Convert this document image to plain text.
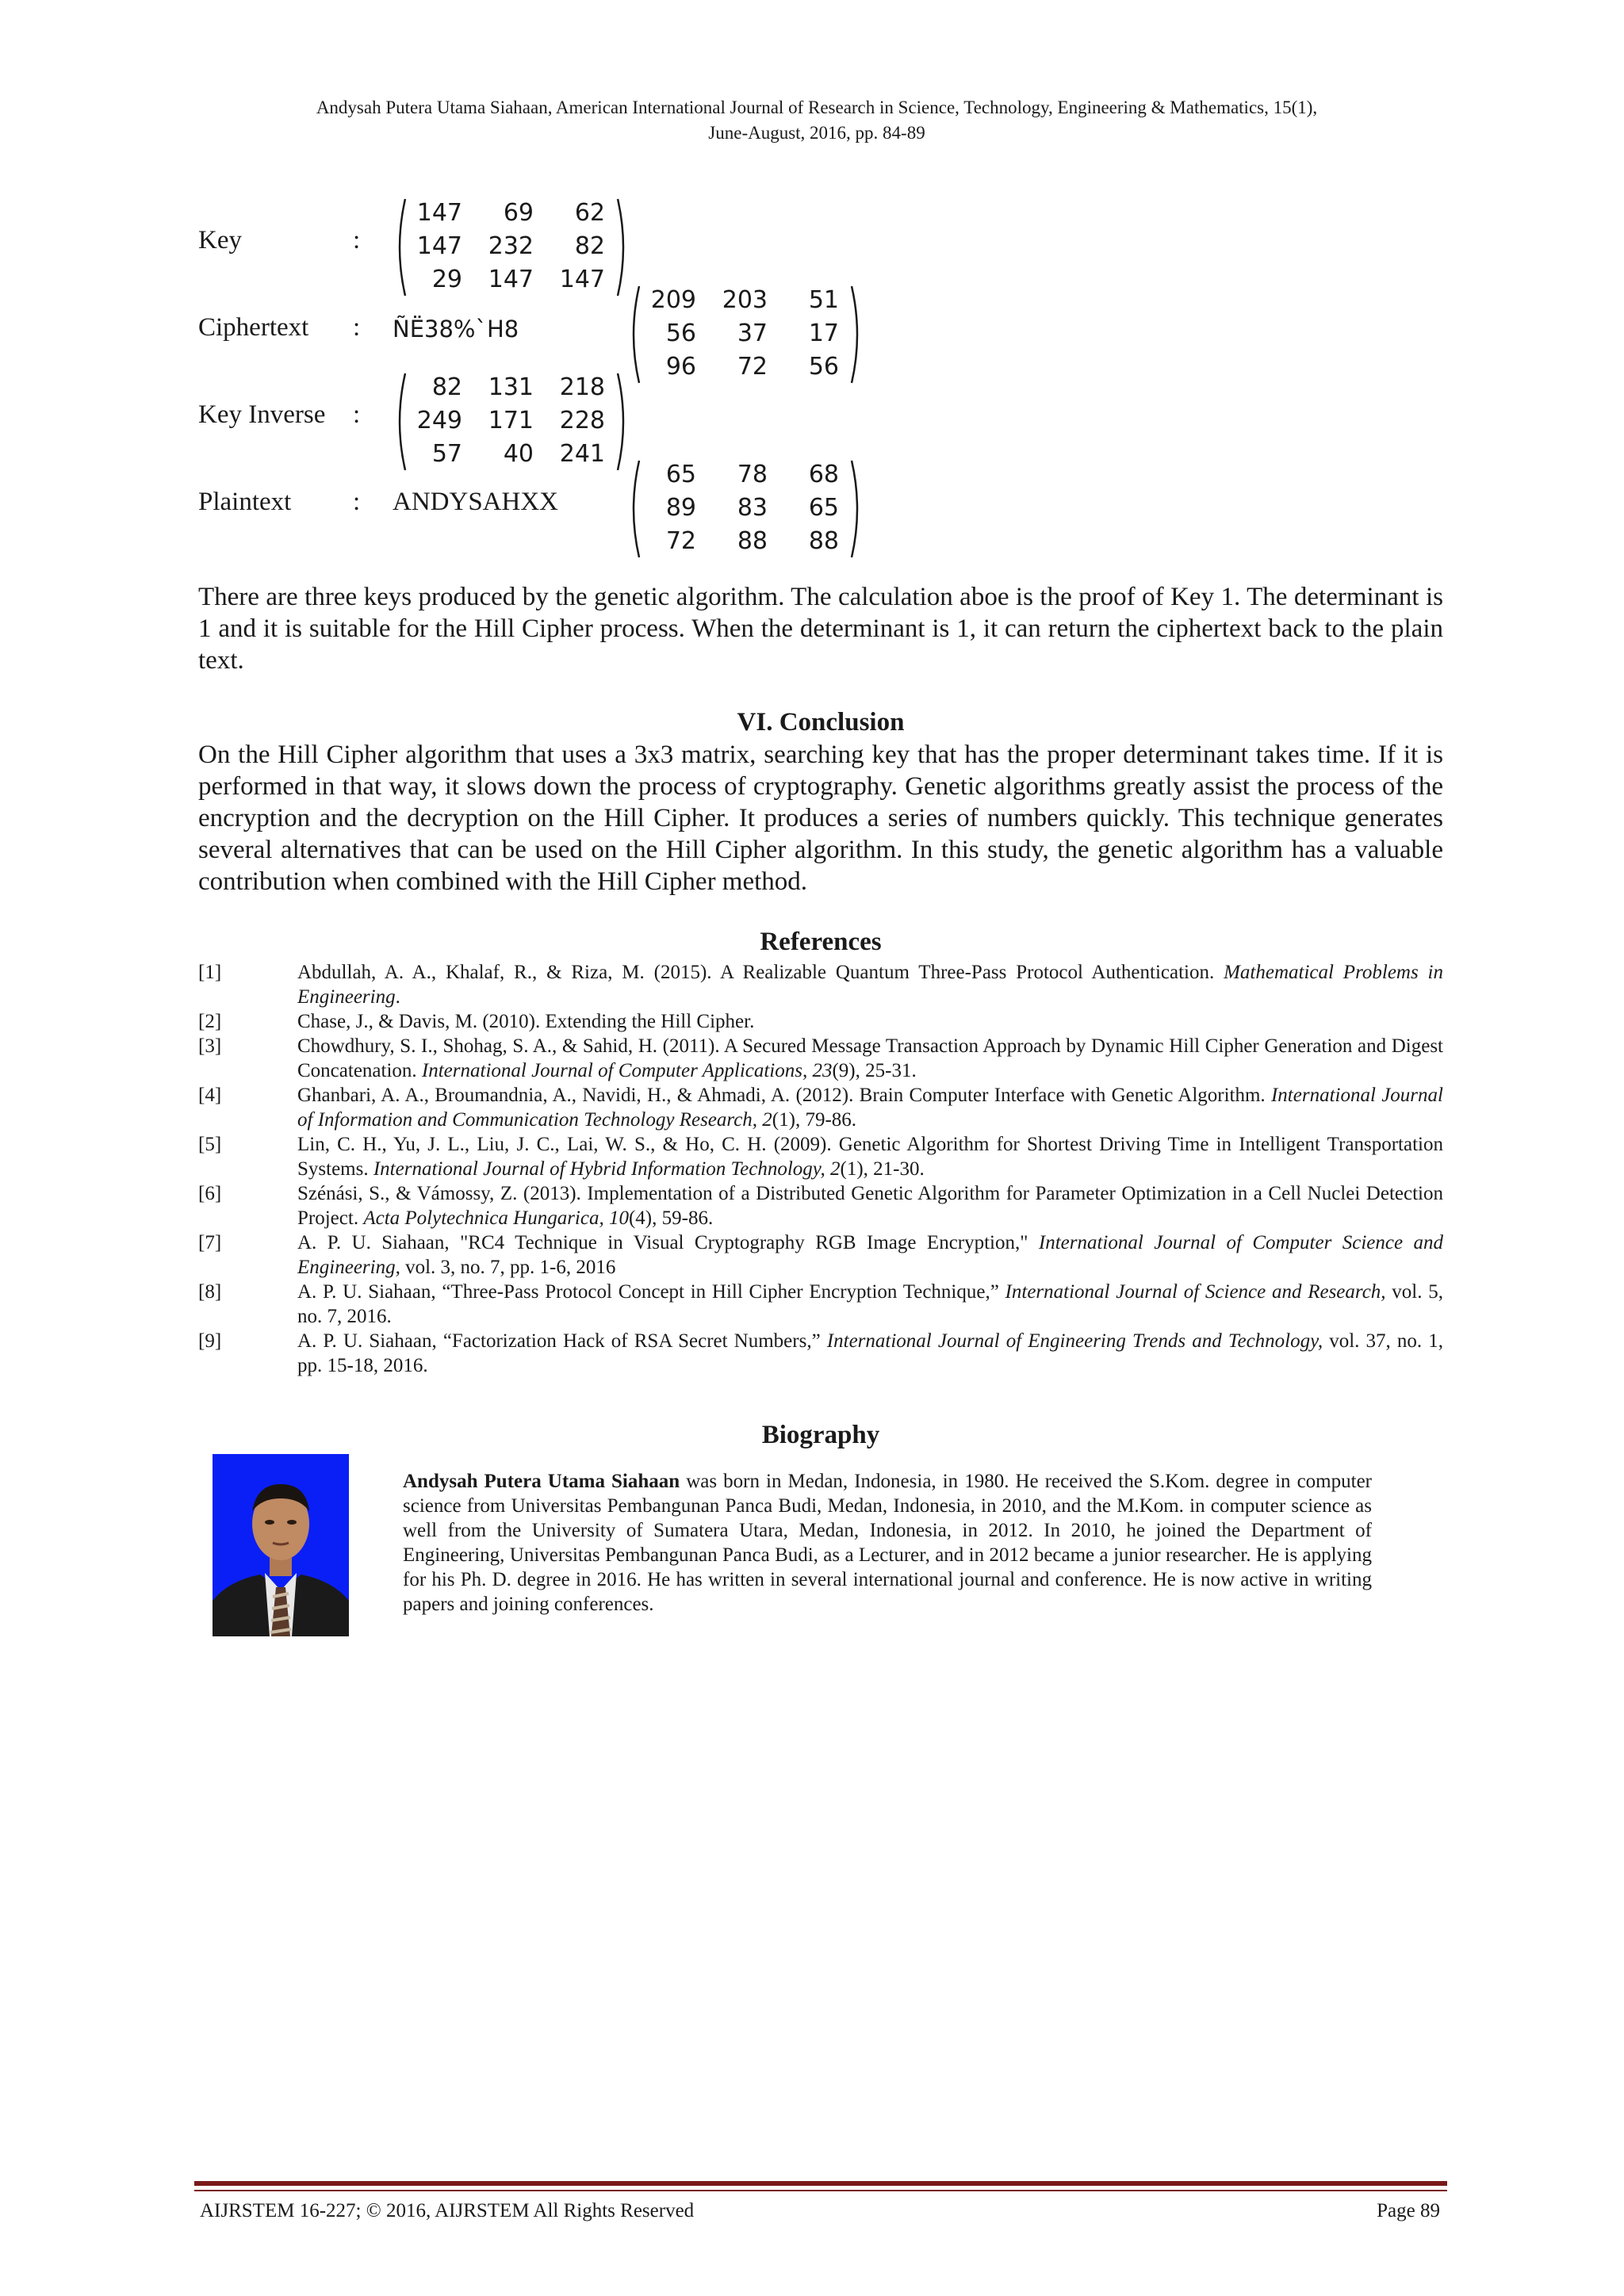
Andysah Putera Utama Siahaan, American International Journal of Research in Science, Technology, Engineering & Mathematics, 15(1),
June-August, 2016, pp. 84-89
Key	:
147	69	62
147	232	82
29	147	147
Ciphertext : ÑË38%`H8
209	203	51
56	37	17
96	72	56
Key Inverse :
82	131	218
249	171	228
57	40	241
Plaintext : ANDYSAHXX
65	78	68
89	83	65
72	88	88
There are three keys produced by the genetic algorithm. The calculation aboe is the proof of Key 1. The determinant is 1 and it is suitable for the Hill Cipher process. When the determinant is 1, it can return the ciphertext back to the plain text.
VI. Conclusion
On the Hill Cipher algorithm that uses a 3x3 matrix, searching key that has the proper determinant takes time. If it is performed in that way, it slows down the process of cryptography. Genetic algorithms greatly assist the process of the encryption and the decryption on the Hill Cipher. It produces a series of numbers quickly. This technique generates several alternatives that can be used on the Hill Cipher algorithm. In this study, the genetic algorithm has a valuable contribution when combined with the Hill Cipher method.
References
[1]	Abdullah, A. A., Khalaf, R., & Riza, M. (2015). A Realizable Quantum Three-Pass Protocol Authentication. Mathematical Problems in Engineering.
[2]	Chase, J., & Davis, M. (2010). Extending the Hill Cipher.
[3]	Chowdhury, S. I., Shohag, S. A., & Sahid, H. (2011). A Secured Message Transaction Approach by Dynamic Hill Cipher Generation and Digest Concatenation. International Journal of Computer Applications, 23(9), 25-31.
[4]	Ghanbari, A. A., Broumandnia, A., Navidi, H., & Ahmadi, A. (2012). Brain Computer Interface with Genetic Algorithm. International Journal of Information and Communication Technology Research, 2(1), 79-86.
[5]	Lin, C. H., Yu, J. L., Liu, J. C., Lai, W. S., & Ho, C. H. (2009). Genetic Algorithm for Shortest Driving Time in Intelligent Transportation Systems. International Journal of Hybrid Information Technology, 2(1), 21-30.
[6]	Szénási, S., & Vámossy, Z. (2013). Implementation of a Distributed Genetic Algorithm for Parameter Optimization in a Cell Nuclei Detection Project. Acta Polytechnica Hungarica, 10(4), 59-86.
[7]	A. P. U. Siahaan, "RC4 Technique in Visual Cryptography RGB Image Encryption," International Journal of Computer Science and Engineering, vol. 3, no. 7, pp. 1-6, 2016
[8]	A. P. U. Siahaan, “Three-Pass Protocol Concept in Hill Cipher Encryption Technique,” International Journal of Science and Research, vol. 5, no. 7, 2016.
[9]	A. P. U. Siahaan, “Factorization Hack of RSA Secret Numbers,” International Journal of Engineering Trends and Technology, vol. 37, no. 1, pp. 15-18, 2016.
Biography
Andysah Putera Utama Siahaan was born in Medan, Indonesia, in 1980. He received the S.Kom. degree in computer science from Universitas Pembangunan Panca Budi, Medan, Indonesia, in 2010, and the M.Kom. in computer science as well from the University of Sumatera Utara, Medan, Indonesia, in 2012. In 2010, he joined the Department of Engineering, Universitas Pembangunan Panca Budi, as a Lecturer, and in 2012 became a junior researcher. He is applying for his Ph. D. degree in 2016. He has written in several international journal and conference. He is now active in writing papers and joining conferences.
AIJRSTEM 16-227; © 2016, AIJRSTEM All Rights Reserved	Page 89
